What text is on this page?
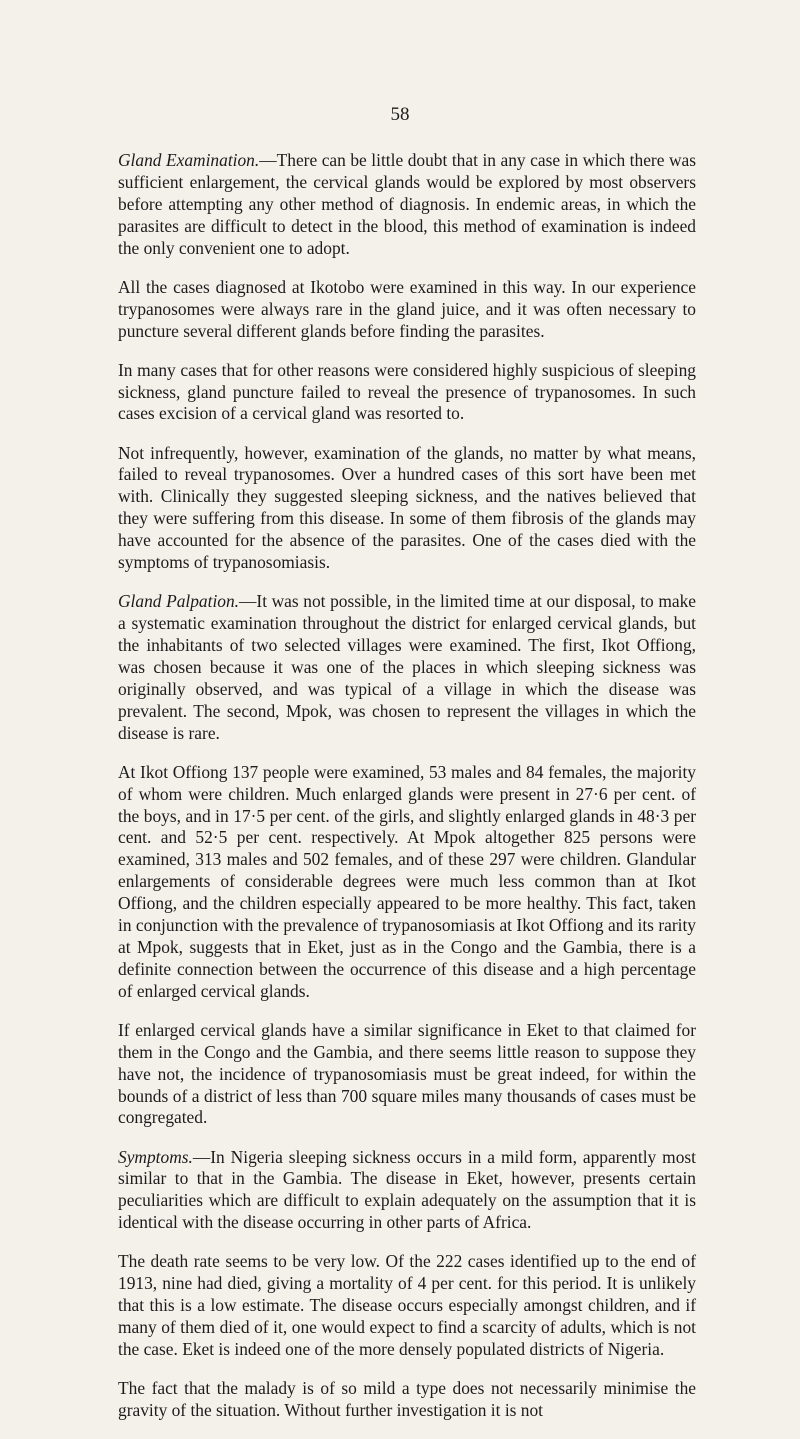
58

Gland Examination.—There can be little doubt that in any case in which there was sufficient enlargement, the cervical glands would be explored by most observers before attempting any other method of diagnosis. In endemic areas, in which the parasites are difficult to detect in the blood, this method of examination is indeed the only convenient one to adopt.

All the cases diagnosed at Ikotobo were examined in this way. In our experience trypanosomes were always rare in the gland juice, and it was often necessary to puncture several different glands before finding the parasites.

In many cases that for other reasons were considered highly suspicious of sleeping sickness, gland puncture failed to reveal the presence of trypanosomes. In such cases excision of a cervical gland was resorted to.

Not infrequently, however, examination of the glands, no matter by what means, failed to reveal trypanosomes. Over a hundred cases of this sort have been met with. Clinically they suggested sleeping sickness, and the natives believed that they were suffering from this disease. In some of them fibrosis of the glands may have accounted for the absence of the parasites. One of the cases died with the symptoms of trypanosomiasis.

Gland Palpation.—It was not possible, in the limited time at our disposal, to make a systematic examination throughout the district for enlarged cervical glands, but the inhabitants of two selected villages were examined. The first, Ikot Offiong, was chosen because it was one of the places in which sleeping sickness was originally observed, and was typical of a village in which the disease was prevalent. The second, Mpok, was chosen to represent the villages in which the disease is rare.

At Ikot Offiong 137 people were examined, 53 males and 84 females, the majority of whom were children. Much enlarged glands were present in 27·6 per cent. of the boys, and in 17·5 per cent. of the girls, and slightly enlarged glands in 48·3 per cent. and 52·5 per cent. respectively. At Mpok altogether 825 persons were examined, 313 males and 502 females, and of these 297 were children. Glandular enlargements of considerable degrees were much less common than at Ikot Offiong, and the children especially appeared to be more healthy. This fact, taken in conjunction with the prevalence of trypanosomiasis at Ikot Offiong and its rarity at Mpok, suggests that in Eket, just as in the Congo and the Gambia, there is a definite connection between the occurrence of this disease and a high percentage of enlarged cervical glands.

If enlarged cervical glands have a similar significance in Eket to that claimed for them in the Congo and the Gambia, and there seems little reason to suppose they have not, the incidence of trypanosomiasis must be great indeed, for within the bounds of a district of less than 700 square miles many thousands of cases must be congregated.

Symptoms.—In Nigeria sleeping sickness occurs in a mild form, apparently most similar to that in the Gambia. The disease in Eket, however, presents certain peculiarities which are difficult to explain adequately on the assumption that it is identical with the disease occurring in other parts of Africa.

The death rate seems to be very low. Of the 222 cases identified up to the end of 1913, nine had died, giving a mortality of 4 per cent. for this period. It is unlikely that this is a low estimate. The disease occurs especially amongst children, and if many of them died of it, one would expect to find a scarcity of adults, which is not the case. Eket is indeed one of the more densely populated districts of Nigeria.

The fact that the malady is of so mild a type does not necessarily minimise the gravity of the situation. Without further investigation it is not
